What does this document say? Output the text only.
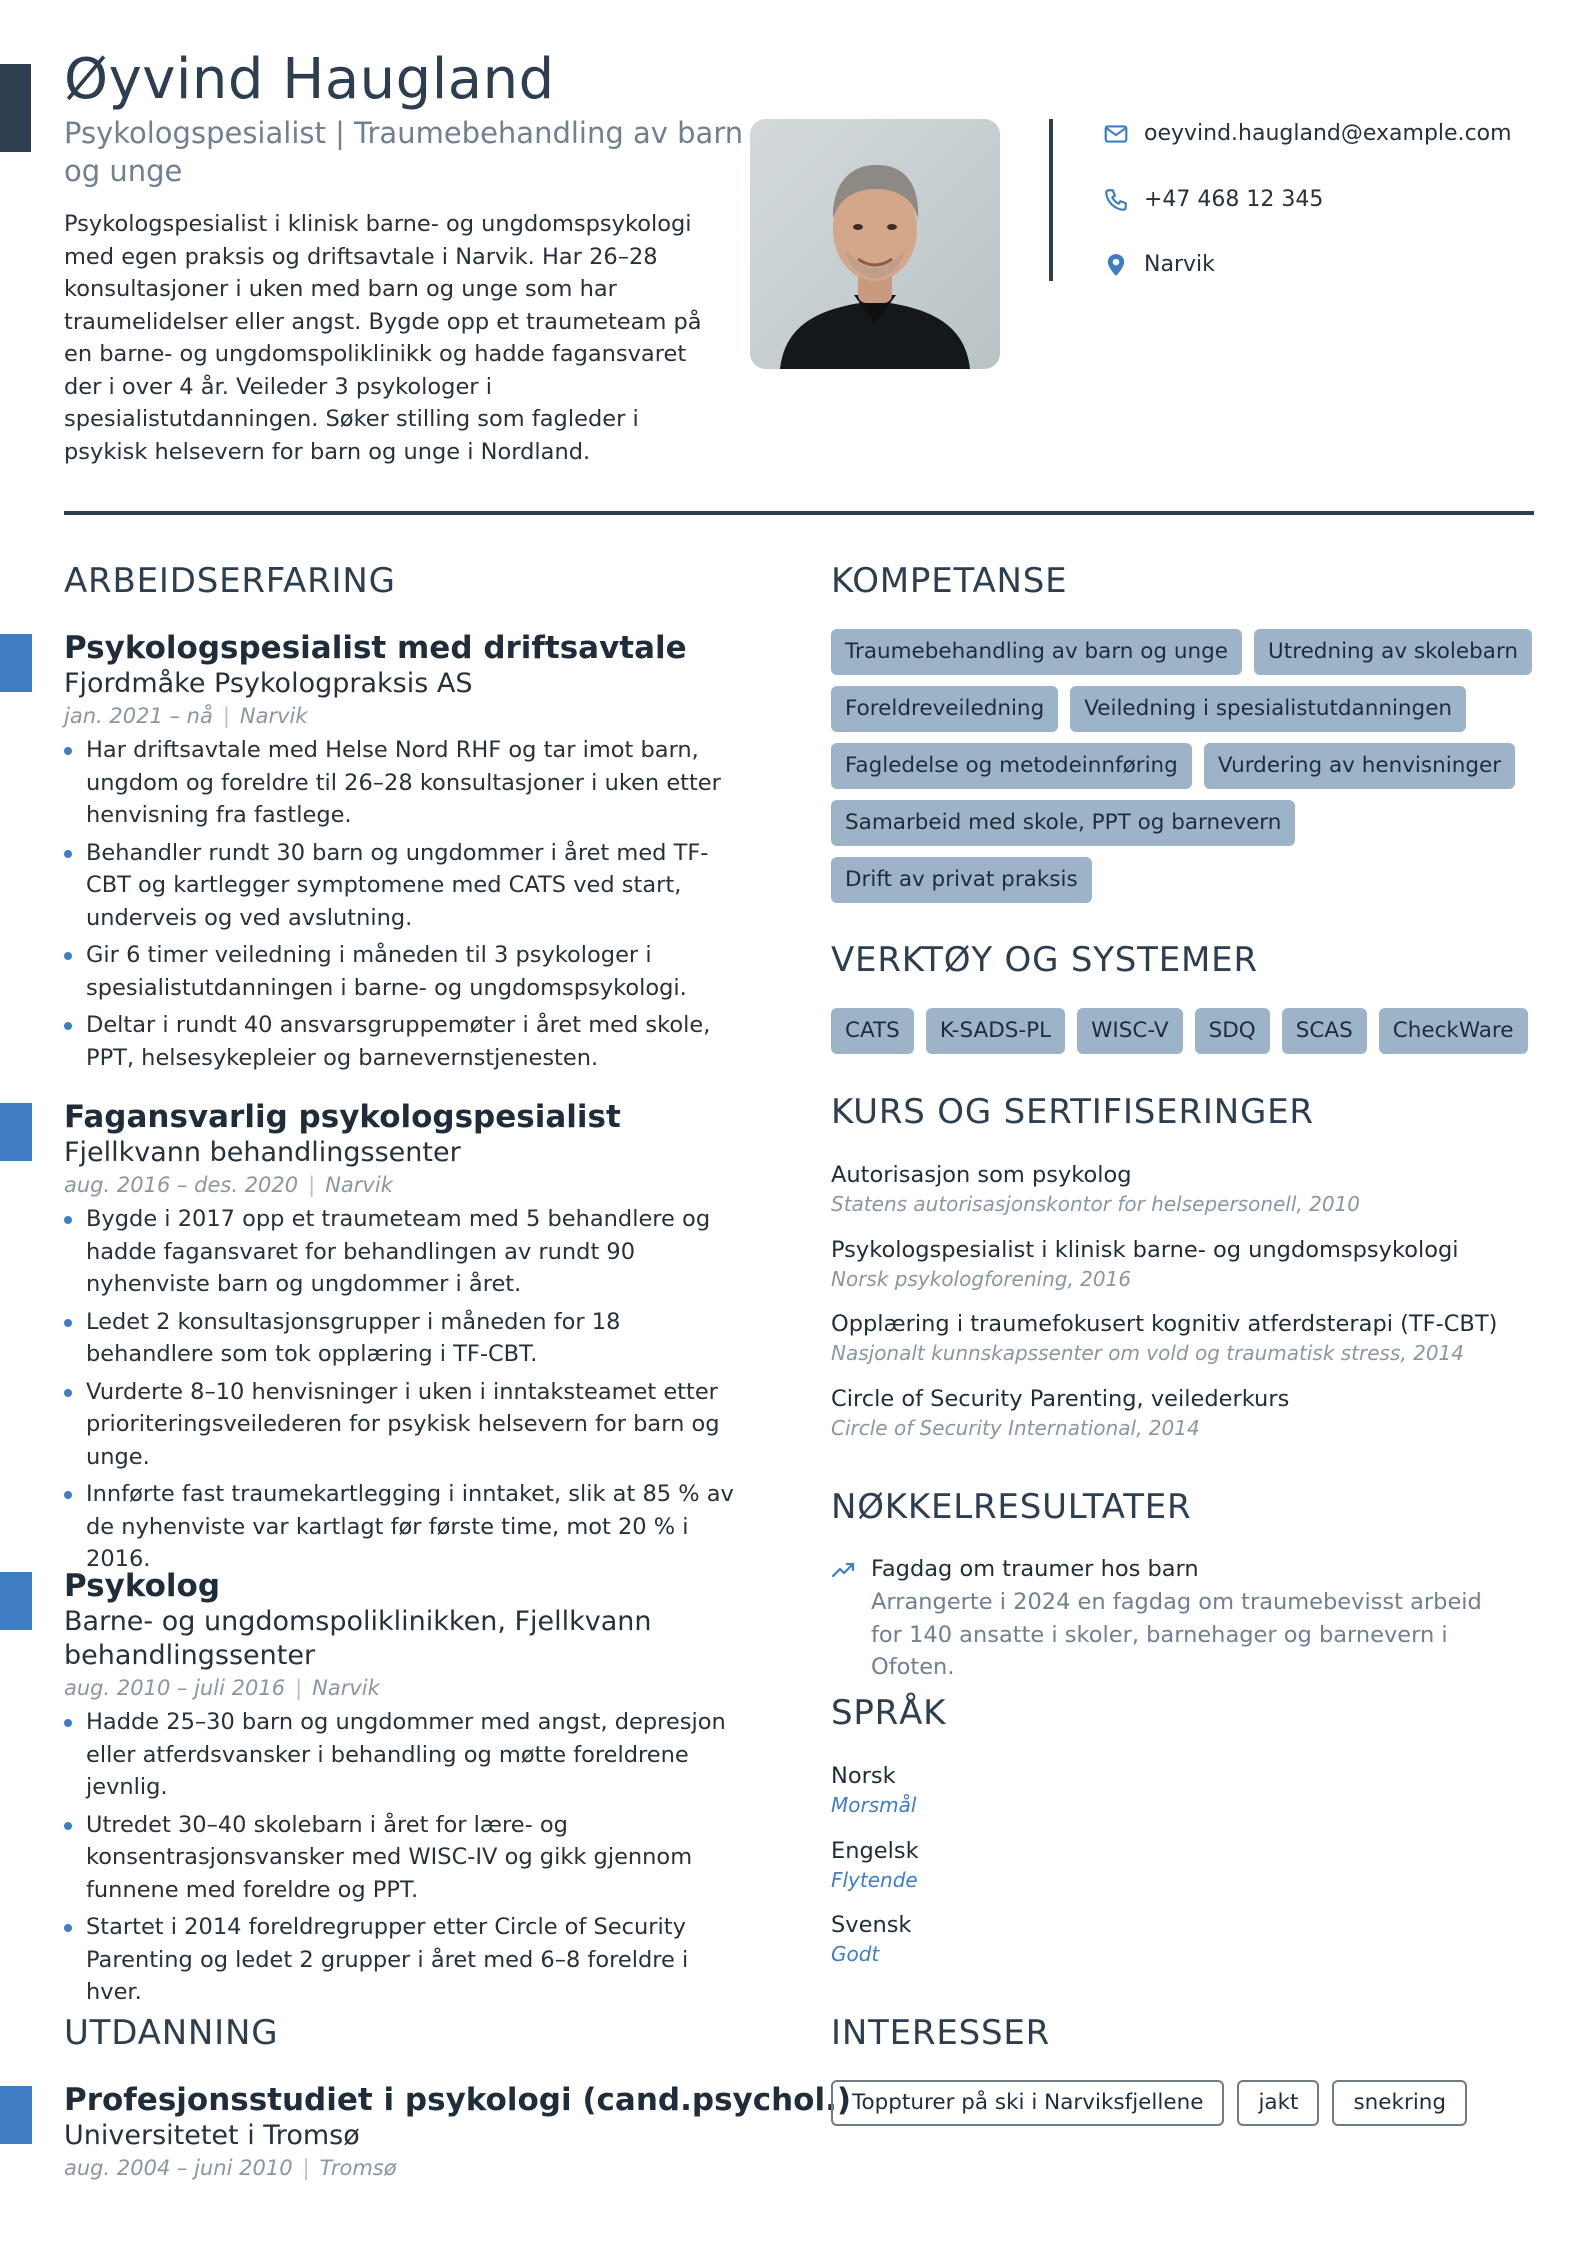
Øyvind Haugland
Psykologspesialist | Traumebehandling av barn og unge

Psykologspesialist i klinisk barne- og ungdomspsykologi med egen praksis og driftsavtale i Narvik. Har 26–28 konsultasjoner i uken med barn og unge som har traumelidelser eller angst. Bygde opp et traumeteam på en barne- og ungdomspoliklinikk og hadde fagansvaret der i over 4 år. Veileder 3 psykologer i spesialistutdanningen. Søker stilling som fagleder i psykisk helsevern for barn og unge i Nordland.

oeyvind.haugland@example.com
+47 468 12 345
Narvik
ARBEIDSERFARING
Psykologspesialist med driftsavtale
Fjordmåke Psykologpraksis AS
jan. 2021 – nå | Narvik
Har driftsavtale med Helse Nord RHF og tar imot barn, ungdom og foreldre til 26–28 konsultasjoner i uken etter henvisning fra fastlege.
Behandler rundt 30 barn og ungdommer i året med TF-CBT og kartlegger symptomene med CATS ved start, underveis og ved avslutning.
Gir 6 timer veiledning i måneden til 3 psykologer i spesialistutdanningen i barne- og ungdomspsykologi.
Deltar i rundt 40 ansvarsgruppemøter i året med skole, PPT, helsesykepleier og barnevernstjenesten.
Fagansvarlig psykologspesialist
Fjellkvann behandlingssenter
aug. 2016 – des. 2020 | Narvik
Bygde i 2017 opp et traumeteam med 5 behandlere og hadde fagansvaret for behandlingen av rundt 90 nyhenviste barn og ungdommer i året.
Ledet 2 konsultasjonsgrupper i måneden for 18 behandlere som tok opplæring i TF-CBT.
Vurderte 8–10 henvisninger i uken i inntaksteamet etter prioriteringsveilederen for psykisk helsevern for barn og unge.
Innførte fast traumekartlegging i inntaket, slik at 85 % av de nyhenviste var kartlagt før første time, mot 20 % i 2016.
Psykolog
Barne- og ungdomspoliklinikken, Fjellkvann behandlingssenter
aug. 2010 – juli 2016 | Narvik
Hadde 25–30 barn og ungdommer med angst, depresjon eller atferdsvansker i behandling og møtte foreldrene jevnlig.
Utredet 30–40 skolebarn i året for lære- og konsentrasjonsvansker med WISC-IV og gikk gjennom funnene med foreldre og PPT.
Startet i 2014 foreldregrupper etter Circle of Security Parenting og ledet 2 grupper i året med 6–8 foreldre i hver.
UTDANNING
Profesjonsstudiet i psykologi (cand.psychol.)
Universitetet i Tromsø
aug. 2004 – juni 2010 | Tromsø
KOMPETANSE
Traumebehandling av barn og unge	Utredning av skolebarn
Foreldreveiledning	Veiledning i spesialistutdanningen
Fagledelse og metodeinnføring	Vurdering av henvisninger
Samarbeid med skole, PPT og barnevern
Drift av privat praksis
VERKTØY OG SYSTEMER
CATS	K-SADS-PL	WISC-V	SDQ	SCAS	CheckWare
KURS OG SERTIFISERINGER
Autorisasjon som psykolog
Statens autorisasjonskontor for helsepersonell, 2010
Psykologspesialist i klinisk barne- og ungdomspsykologi
Norsk psykologforening, 2016
Opplæring i traumefokusert kognitiv atferdsterapi (TF-CBT)
Nasjonalt kunnskapssenter om vold og traumatisk stress, 2014
Circle of Security Parenting, veilederkurs
Circle of Security International, 2014
NØKKELRESULTATER
Fagdag om traumer hos barn
Arrangerte i 2024 en fagdag om traumebevisst arbeid for 140 ansatte i skoler, barnehager og barnevern i Ofoten.
SPRÅK
Norsk
Morsmål
Engelsk
Flytende
Svensk
Godt
INTERESSER
Toppturer på ski i Narviksfjellene	jakt	snekring
